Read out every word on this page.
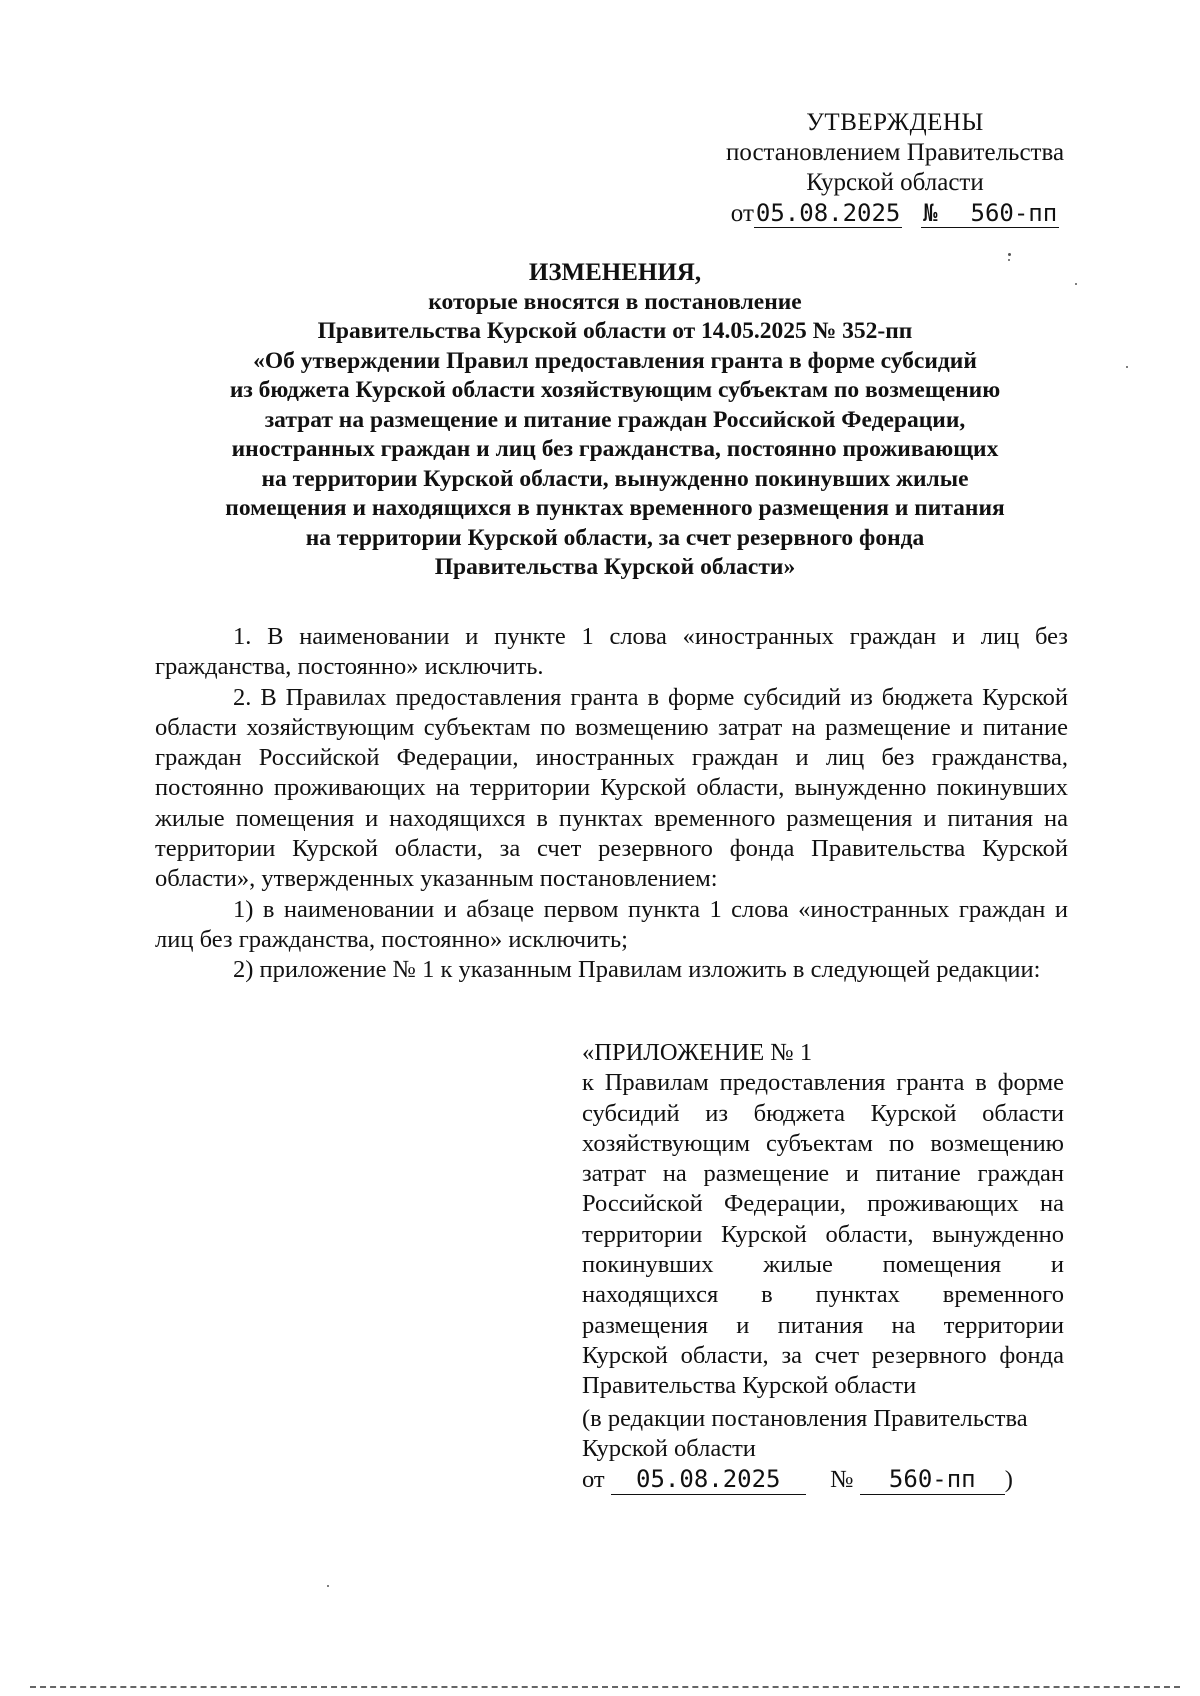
УТВЕРЖДЕНЫ
постановлением Правительства
Курской области
от05.08.2025 № 560-пп
ИЗМЕНЕНИЯ,
которые вносятся в постановление
Правительства Курской области от 14.05.2025 № 352-пп
«Об утверждении Правил предоставления гранта в форме субсидий
из бюджета Курской области хозяйствующим субъектам по возмещению
затрат на размещение и питание граждан Российской Федерации,
иностранных граждан и лиц без гражданства, постоянно проживающих
на территории Курской области, вынужденно покинувших жилые
помещения и находящихся в пунктах временного размещения и питания
на территории Курской области, за счет резервного фонда
Правительства Курской области»

1. В наименовании и пункте 1 слова «иностранных граждан и лиц без гражданства, постоянно» исключить.

2. В Правилах предоставления гранта в форме субсидий из бюджета Курской области хозяйствующим субъектам по возмещению затрат на размещение и питание граждан Российской Федерации, иностранных граждан и лиц без гражданства, постоянно проживающих на территории Курской области, вынужденно покинувших жилые помещения и находящихся в пунктах временного размещения и питания на территории Курской области, за счет резервного фонда Правительства Курской области», утвержденных указанным постановлением:

1) в наименовании и абзаце первом пункта 1 слова «иностранных граждан и лиц без гражданства, постоянно» исключить;

2) приложение № 1 к указанным Правилам изложить в следующей редакции:

«ПРИЛОЖЕНИЕ № 1
к Правилам предоставления гранта в форме субсидий из бюджета Курской области хозяйствующим субъектам по возмещению затрат на размещение и питание граждан Российской Федерации, проживающих на территории Курской области, вынужденно покинувших жилые помещения и находящихся в пунктах временного размещения и питания на территории Курской области, за счет резервного фонда Правительства Курской области
(в редакции постановления Правительства Курской области
от 05.08.2025 № 560-пп )
